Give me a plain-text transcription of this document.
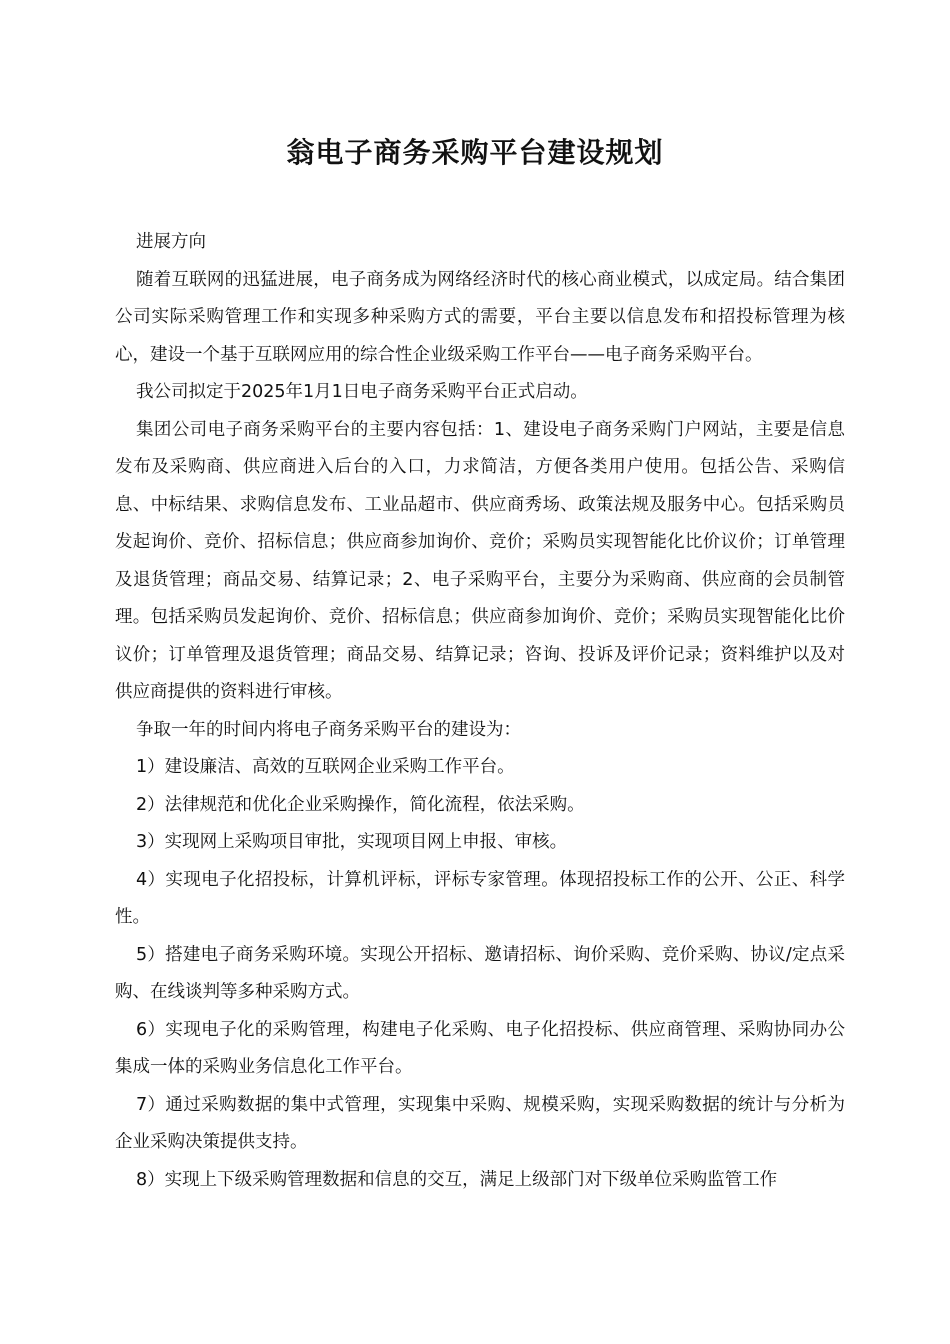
翁电子商务采购平台建设规划

进展方向

随着互联网的迅猛进展，电子商务成为网络经济时代的核心商业模式，以成定局。结合集团公司实际采购管理工作和实现多种采购方式的需要，平台主要以信息发布和招投标管理为核心，建设一个基于互联网应用的综合性企业级采购工作平台——电子商务采购平台。

我公司拟定于2025年1月1日电子商务采购平台正式启动。

集团公司电子商务采购平台的主要内容包括：1、建设电子商务采购门户网站，主要是信息发布及采购商、供应商进入后台的入口，力求简洁，方便各类用户使用。包括公告、采购信息、中标结果、求购信息发布、工业品超市、供应商秀场、政策法规及服务中心。包括采购员发起询价、竞价、招标信息；供应商参加询价、竞价；采购员实现智能化比价议价；订单管理及退货管理；商品交易、结算记录；2、电子采购平台，主要分为采购商、供应商的会员制管理。包括采购员发起询价、竞价、招标信息；供应商参加询价、竞价；采购员实现智能化比价议价；订单管理及退货管理；商品交易、结算记录；咨询、投诉及评价记录；资料维护以及对供应商提供的资料进行审核。

争取一年的时间内将电子商务采购平台的建设为：

1）建设廉洁、高效的互联网企业采购工作平台。

2）法律规范和优化企业采购操作，简化流程，依法采购。

3）实现网上采购项目审批，实现项目网上申报、审核。

4）实现电子化招投标，计算机评标，评标专家管理。体现招投标工作的公开、公正、科学性。

5）搭建电子商务采购环境。实现公开招标、邀请招标、询价采购、竞价采购、协议/定点采购、在线谈判等多种采购方式。

6）实现电子化的采购管理，构建电子化采购、电子化招投标、供应商管理、采购协同办公集成一体的采购业务信息化工作平台。

7）通过采购数据的集中式管理，实现集中采购、规模采购，实现采购数据的统计与分析为企业采购决策提供支持。

8）实现上下级采购管理数据和信息的交互，满足上级部门对下级单位采购监管工作
